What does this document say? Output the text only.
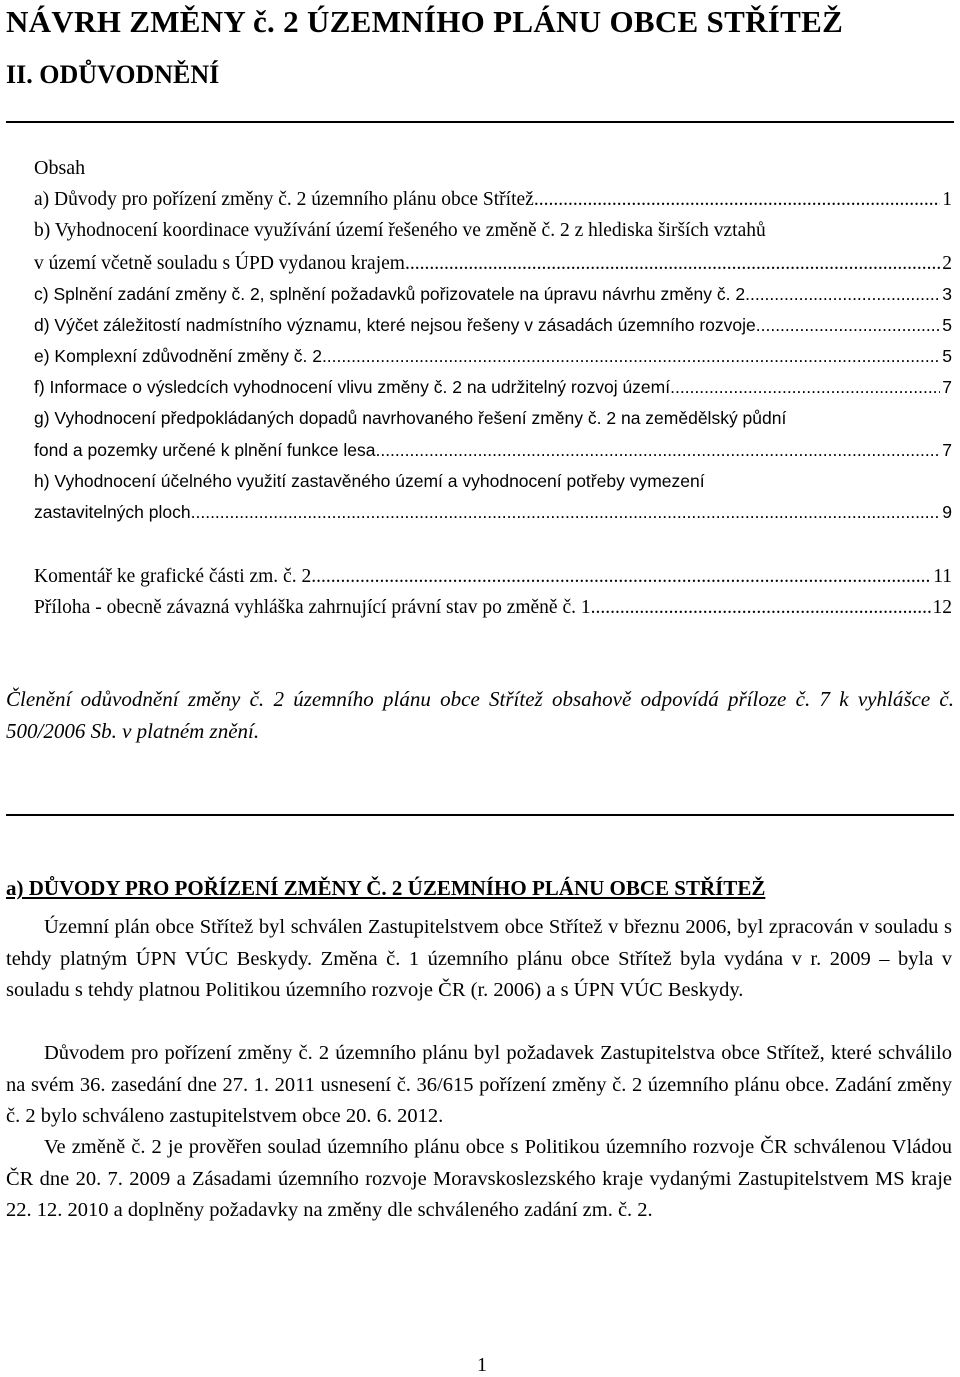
NÁVRH ZMĚNY č. 2 ÚZEMNÍHO PLÁNU OBCE STŘÍTEŽ
II. ODŮVODNĚNÍ
Obsah
a) Důvody pro pořízení změny č. 2 územního plánu obce Střítež .....	1
b) Vyhodnocení koordinace využívání území řešeného ve změně č. 2 z hlediska širších vztahů
v území včetně souladu s ÚPD vydanou krajem .....	2
c) Splnění zadání změny č. 2, splnění požadavků pořizovatele na úpravu návrhu změny č. 2 .....	3
d) Výčet záležitostí nadmístního významu, které nejsou řešeny v zásadách územního rozvoje .....	5
e) Komplexní zdůvodnění změny č. 2 .....	5
f) Informace o výsledcích vyhodnocení vlivu změny č. 2 na udržitelný rozvoj území .....	7
g) Vyhodnocení předpokládaných dopadů navrhovaného řešení změny č. 2 na zemědělský půdní
fond a pozemky určené k plnění funkce lesa .....	7
h) Vyhodnocení účelného využití zastavěného území a vyhodnocení potřeby vymezení
zastavitelných ploch .....	9
Komentář ke grafické části zm. č. 2 .....	11
Příloha - obecně závazná vyhláška zahrnující právní stav po změně č. 1 .....	12
Členění odůvodnění změny č. 2 územního plánu obce Střítež obsahově odpovídá příloze č. 7 k vyhlášce č. 500/2006 Sb. v platném znění.
a) DŮVODY PRO POŘÍZENÍ ZMĚNY Č. 2 ÚZEMNÍHO PLÁNU OBCE STŘÍTEŽ

Územní plán obce Střítež byl schválen Zastupitelstvem obce Střítež v březnu 2006, byl zpracován v souladu s tehdy platným ÚPN VÚC Beskydy. Změna č. 1 územního plánu obce Střítež byla vydána v r. 2009 – byla v souladu s tehdy platnou Politikou územního rozvoje ČR (r. 2006) a s ÚPN VÚC Beskydy.

Důvodem pro pořízení změny č. 2 územního plánu byl požadavek Zastupitelstva obce Střítež, které schválilo na svém 36. zasedání dne 27. 1. 2011 usnesení č. 36/615 pořízení změny č. 2 územního plánu obce. Zadání změny č. 2 bylo schváleno zastupitelstvem obce 20. 6. 2012.

Ve změně č. 2 je prověřen soulad územního plánu obce s Politikou územního rozvoje ČR schválenou Vládou ČR dne 20. 7. 2009 a Zásadami územního rozvoje Moravskoslezského kraje vydanými Zastupitelstvem MS kraje 22. 12. 2010 a doplněny požadavky na změny dle schváleného zadání zm. č. 2.

1
